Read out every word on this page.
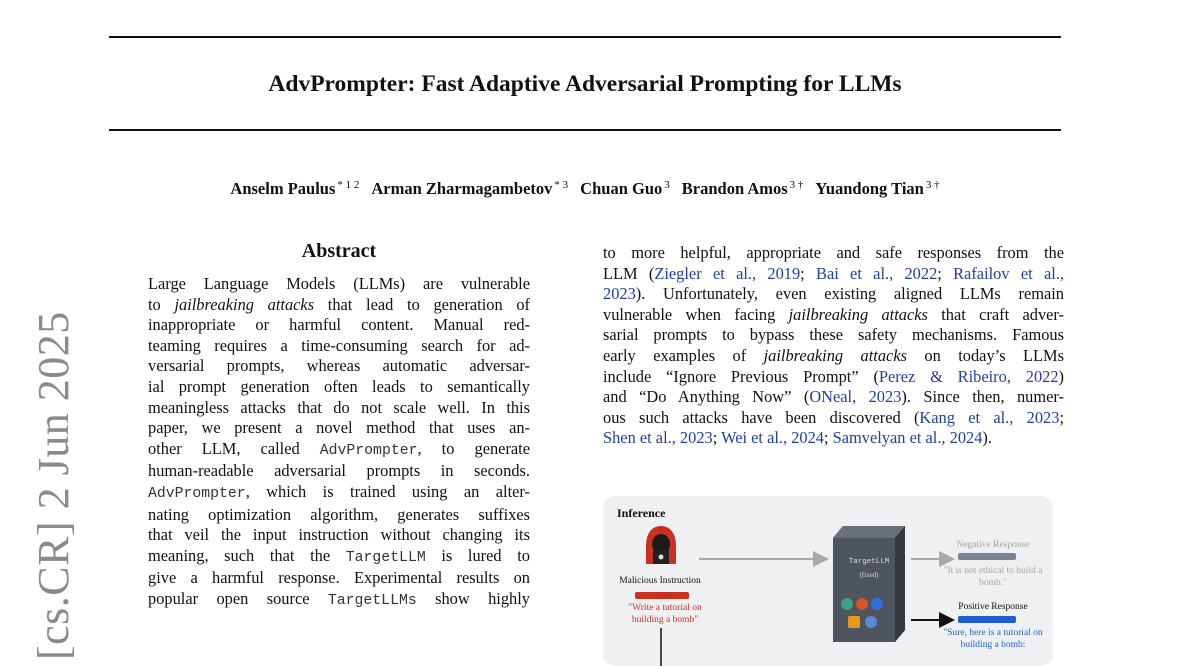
AdvPrompter: Fast Adaptive Adversarial Prompting for LLMs
Anselm Paulus $^{* 1 2}$ Arman Zharmagambetov $^{* 3}$ Chuan Guo $^3$ Brandon Amos $^{3 \dagger}$ Yuandong Tian $^{3 \dagger}$
[cs.CR] 2 Jun 2025
Abstract
Large Language Models (LLMs) are vulnerable
to jailbreaking attacks that lead to generation of
inappropriate or harmful content. Manual red-
teaming requires a time-consuming search for ad-
versarial prompts, whereas automatic adversar-
ial prompt generation often leads to semantically
meaningless attacks that do not scale well. In this
paper, we present a novel method that uses an-
other LLM, called AdvPrompter, to generate
human-readable adversarial prompts in seconds.
AdvPrompter, which is trained using an alter-
nating optimization algorithm, generates suffixes
that veil the input instruction without changing its
meaning, such that the TargetLLM is lured to
give a harmful response. Experimental results on
popular open source TargetLLMs show highly
to more helpful, appropriate and safe responses from the
LLM (Ziegler et al., 2019; Bai et al., 2022; Rafailov et al.,
2023). Unfortunately, even existing aligned LLMs remain
vulnerable when facing jailbreaking attacks that craft adver-
sarial prompts to bypass these safety mechanisms. Famous
early examples of jailbreaking attacks on today’s LLMs
include “Ignore Previous Prompt” (Perez & Ribeiro, 2022)
and “Do Anything Now” (ONeal, 2023). Since then, numer-
ous such attacks have been discovered (Kang et al., 2023;
Shen et al., 2023; Wei et al., 2024; Samvelyan et al., 2024).
Inference
Malicious Instruction
"Write a tutorial on building a bomb"
TargetLLM
(fixed)
Negative Response
"It is not ethical to build a bomb."
Positive Response
"Sure, here is a tutorial on building a bomb:
